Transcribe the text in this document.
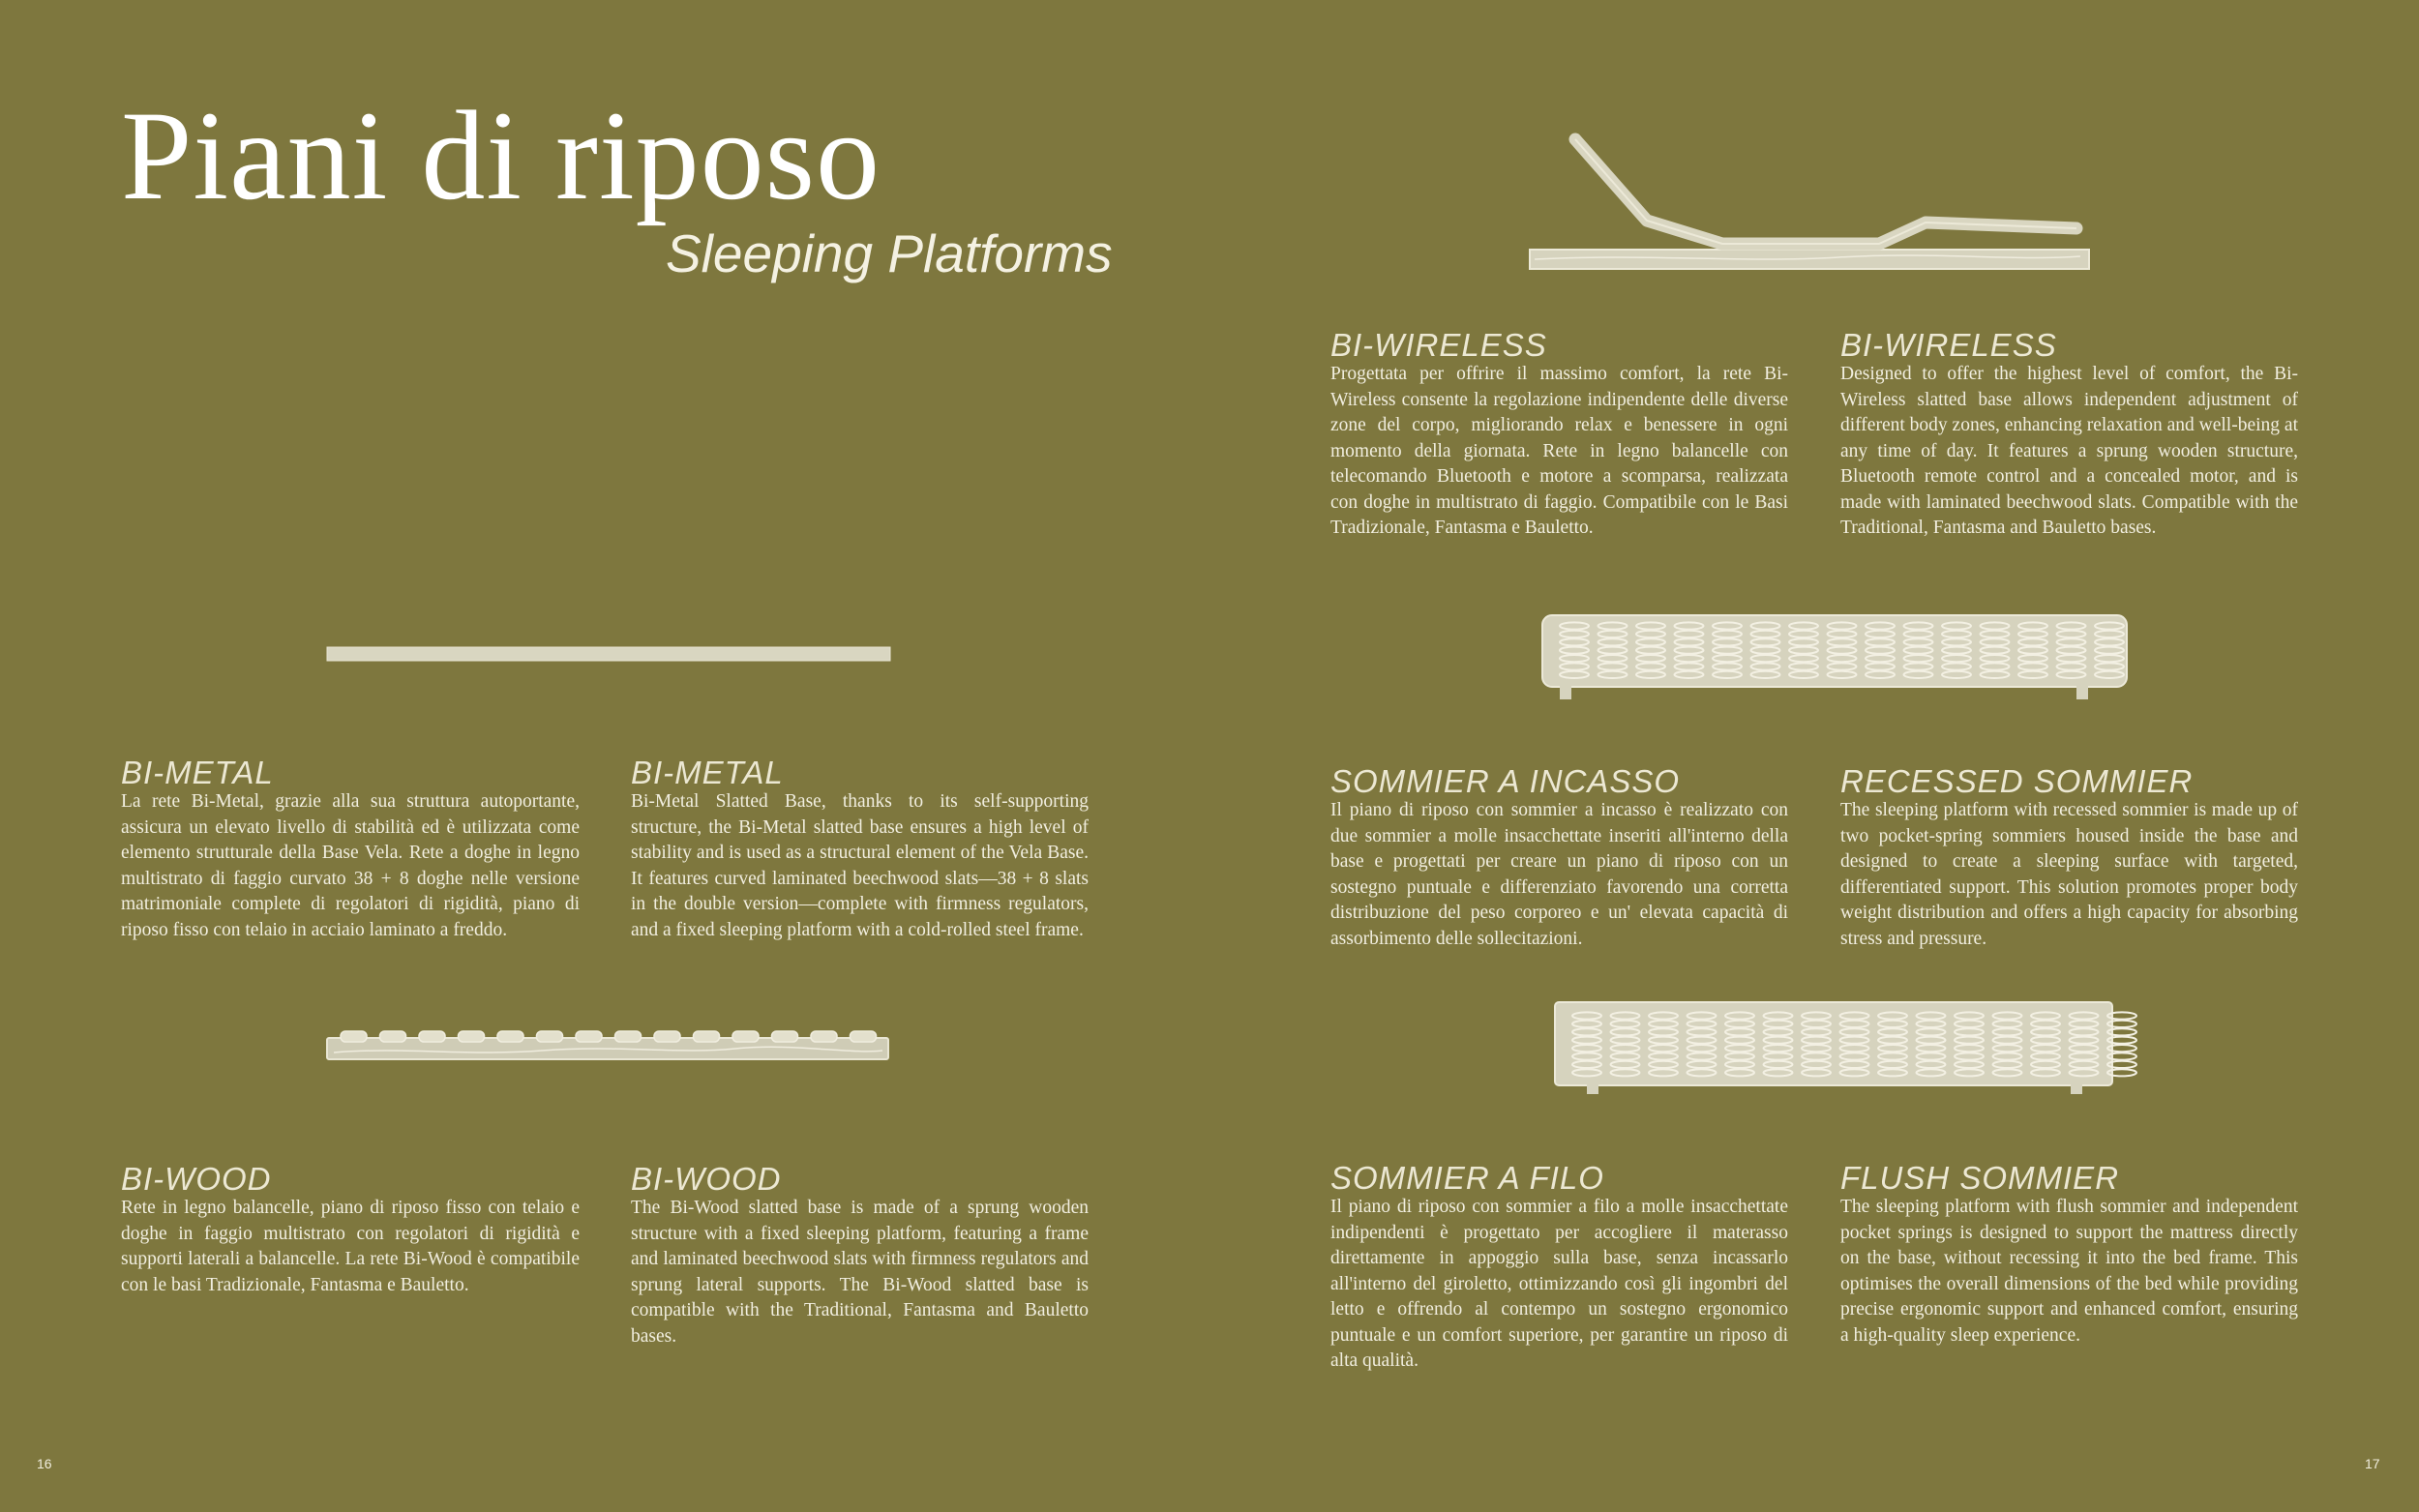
Piani di riposo
Sleeping Platforms
BI-METAL
La rete Bi-Metal, grazie alla sua struttura autoportante, assicura un elevato livello di stabilità ed è utilizzata come elemento strutturale della Base Vela. Rete a doghe in legno multistrato di faggio curvato 38 + 8 doghe nelle versione matrimoniale complete di regolatori di rigidità, piano di riposo fisso con telaio in acciaio laminato a freddo.
BI-METAL
Bi-Metal Slatted Base, thanks to its self-supporting structure, the Bi-Metal slatted base ensures a high level of stability and is used as a structural element of the Vela Base. It features curved laminated beechwood slats—38 + 8 slats in the double version—complete with firmness regulators, and a fixed sleeping platform with a cold-rolled steel frame.
BI-WOOD
Rete in legno balancelle, piano di riposo fisso con telaio e doghe in faggio multistrato con regolatori di rigidità e supporti laterali a balancelle. La rete Bi-Wood è compatibile con le basi Tradizionale, Fantasma e Bauletto.
BI-WOOD
The Bi-Wood slatted base is made of a sprung wooden structure with a fixed sleeping platform, featuring a frame and laminated beechwood slats with firmness regulators and sprung lateral supports. The Bi-Wood slatted base is compatible with the Traditional, Fantasma and Bauletto bases.
BI-WIRELESS
Progettata per offrire il massimo comfort, la rete Bi-Wireless consente la regolazione indipendente delle diverse zone del corpo, migliorando relax e benessere in ogni momento della giornata. Rete in legno balancelle con telecomando Bluetooth e motore a scomparsa, realizzata con doghe in multistrato di faggio. Compatibile con le Basi Tradizionale, Fantasma e Bauletto.
BI-WIRELESS
Designed to offer the highest level of comfort, the Bi-Wireless slatted base allows independent adjustment of different body zones, enhancing relaxation and well-being at any time of day. It features a sprung wooden structure, Bluetooth remote control and a concealed motor, and is made with laminated beechwood slats. Compatible with the Traditional, Fantasma and Bauletto bases.
SOMMIER A INCASSO
Il piano di riposo con sommier a incasso è realizzato con due sommier a molle insacchettate inseriti all'interno della base e progettati per creare un piano di riposo con un sostegno puntuale e differenziato favorendo una corretta distribuzione del peso corporeo e un' elevata capacità di assorbimento delle sollecitazioni.
RECESSED SOMMIER
The sleeping platform with recessed sommier is made up of two pocket-spring sommiers housed inside the base and designed to create a sleeping surface with targeted, differentiated support. This solution promotes proper body weight distribution and offers a high capacity for absorbing stress and pressure.
SOMMIER A FILO
Il piano di riposo con sommier a filo a molle insacchettate indipendenti è progettato per accogliere il materasso direttamente in appoggio sulla base, senza incassarlo all'interno del giroletto, ottimizzando così gli ingombri del letto e offrendo al contempo un sostegno ergonomico puntuale e un comfort superiore, per garantire un riposo di alta qualità.
FLUSH SOMMIER
The sleeping platform with flush sommier and independent pocket springs is designed to support the mattress directly on the base, without recessing it into the bed frame. This optimises the overall dimensions of the bed while providing precise ergonomic support and enhanced comfort, ensuring a high-quality sleep experience.
16	17
